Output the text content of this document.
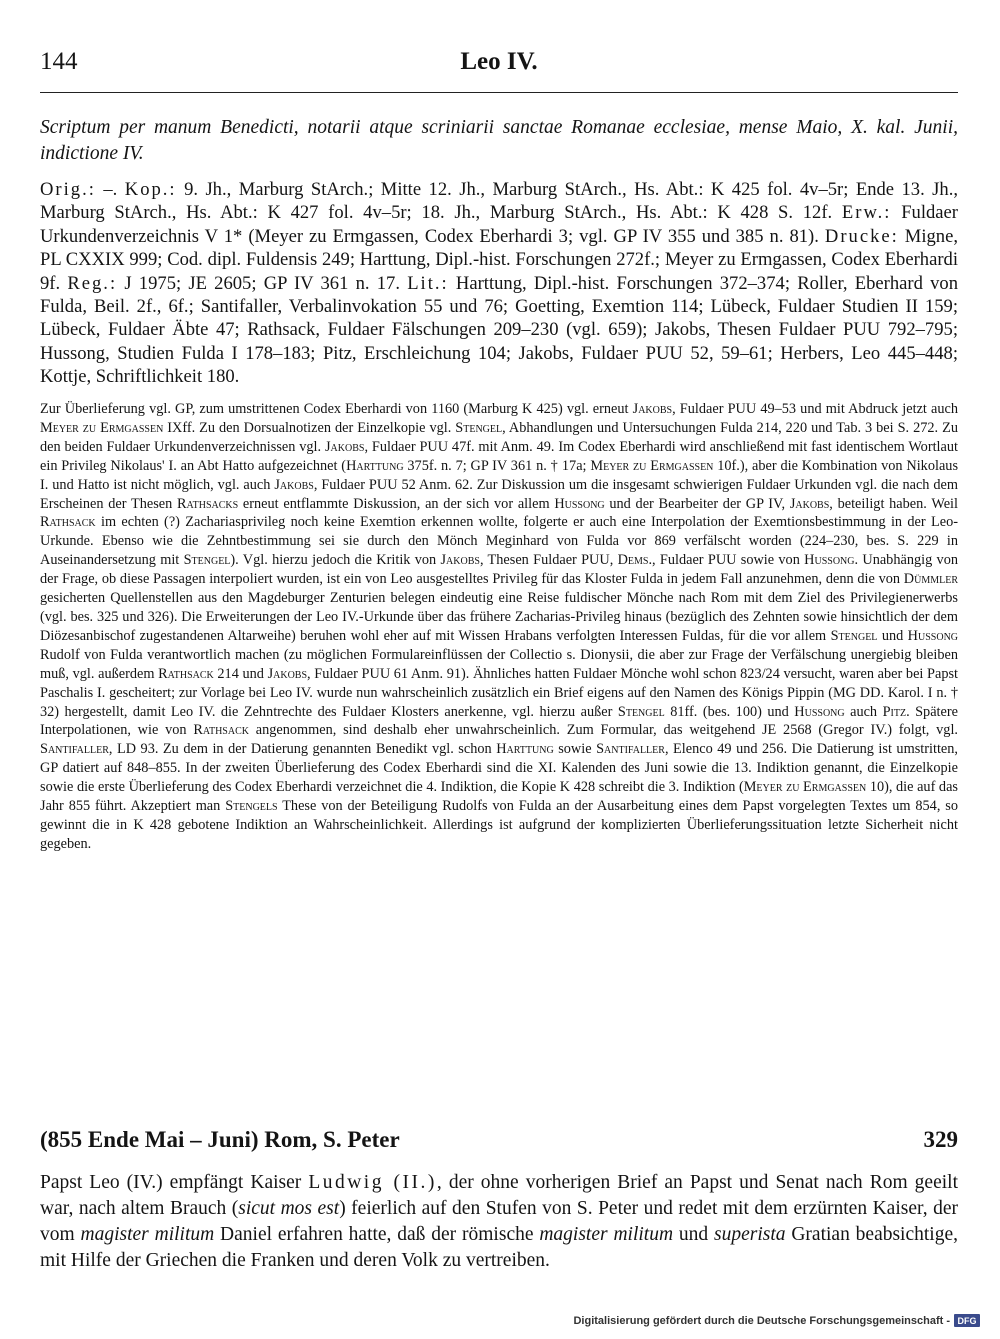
144	Leo IV.
Scriptum per manum Benedicti, notarii atque scriniarii sanctae Romanae ecclesiae, mense Maio, X. kal. Junii, indictione IV.
Orig.: –. Kop.: 9. Jh., Marburg StArch.; Mitte 12. Jh., Marburg StArch., Hs. Abt.: K 425 fol. 4v–5r; Ende 13. Jh., Marburg StArch., Hs. Abt.: K 427 fol. 4v–5r; 18. Jh., Marburg StArch., Hs. Abt.: K 428 S. 12f. Erw.: Fuldaer Urkundenverzeichnis V 1* (Meyer zu Ermgassen, Codex Eberhardi 3; vgl. GP IV 355 und 385 n. 81). Drucke: Migne, PL CXXIX 999; Cod. dipl. Fuldensis 249; Harttung, Dipl.-hist. Forschungen 272f.; Meyer zu Ermgassen, Codex Eberhardi 9f. Reg.: J 1975; JE 2605; GP IV 361 n. 17. Lit.: Harttung, Dipl.-hist. Forschungen 372–374; Roller, Eberhard von Fulda, Beil. 2f., 6f.; Santifaller, Verbalinvokation 55 und 76; Goetting, Exemtion 114; Lübeck, Fuldaer Studien II 159; Lübeck, Fuldaer Äbte 47; Rathsack, Fuldaer Fälschungen 209–230 (vgl. 659); Jakobs, Thesen Fuldaer PUU 792–795; Hussong, Studien Fulda I 178–183; Pitz, Erschleichung 104; Jakobs, Fuldaer PUU 52, 59–61; Herbers, Leo 445–448; Kottje, Schriftlichkeit 180.
Zur Überlieferung vgl. GP, zum umstrittenen Codex Eberhardi von 1160 (Marburg K 425) vgl. erneut Jakobs, Fuldaer PUU 49–53 und mit Abdruck jetzt auch Meyer zu Ermgassen IXff. Zu den Dorsualnotizen der Einzelkopie vgl. Stengel, Abhandlungen und Untersuchungen Fulda 214, 220 und Tab. 3 bei S. 272. Zu den beiden Fuldaer Urkundenverzeichnissen vgl. Jakobs, Fuldaer PUU 47f. mit Anm. 49. Im Codex Eberhardi wird anschließend mit fast identischem Wortlaut ein Privileg Nikolaus' I. an Abt Hatto aufgezeichnet (Harttung 375f. n. 7; GP IV 361 n. † 17a; Meyer zu Ermgassen 10f.), aber die Kombination von Nikolaus I. und Hatto ist nicht möglich, vgl. auch Jakobs, Fuldaer PUU 52 Anm. 62. Zur Diskussion um die insgesamt schwierigen Fuldaer Urkunden vgl. die nach dem Erscheinen der Thesen Rathsacks erneut entflammte Diskussion, an der sich vor allem Hussong und der Bearbeiter der GP IV, Jakobs, beteiligt haben. Weil Rathsack im echten (?) Zachariasprivileg noch keine Exemtion erkennen wollte, folgerte er auch eine Interpolation der Exemtionsbestimmung in der Leo-Urkunde. Ebenso wie die Zehntbestimmung sei sie durch den Mönch Meginhard von Fulda vor 869 verfälscht worden (224–230, bes. S. 229 in Auseinandersetzung mit Stengel). Vgl. hierzu jedoch die Kritik von Jakobs, Thesen Fuldaer PUU, Dems., Fuldaer PUU sowie von Hussong. Unabhängig von der Frage, ob diese Passagen interpoliert wurden, ist ein von Leo ausgestelltes Privileg für das Kloster Fulda in jedem Fall anzunehmen, denn die von Dümmler gesicherten Quellenstellen aus den Magdeburger Zenturien belegen eindeutig eine Reise fuldischer Mönche nach Rom mit dem Ziel des Privilegienerwerbs (vgl. bes. 325 und 326). Die Erweiterungen der Leo IV.-Urkunde über das frühere Zacharias-Privileg hinaus (bezüglich des Zehnten sowie hinsichtlich der dem Diözesanbischof zugestandenen Altarweihe) beruhen wohl eher auf mit Wissen Hrabans verfolgten Interessen Fuldas, für die vor allem Stengel und Hussong Rudolf von Fulda verantwortlich machen (zu möglichen Formulareinflüssen der Collectio s. Dionysii, die aber zur Frage der Verfälschung unergiebig bleiben muß, vgl. außerdem Rathsack 214 und Jakobs, Fuldaer PUU 61 Anm. 91). Ähnliches hatten Fuldaer Mönche wohl schon 823/24 versucht, waren aber bei Papst Paschalis I. gescheitert; zur Vorlage bei Leo IV. wurde nun wahrscheinlich zusätzlich ein Brief eigens auf den Namen des Königs Pippin (MG DD. Karol. I n. † 32) hergestellt, damit Leo IV. die Zehntrechte des Fuldaer Klosters anerkenne, vgl. hierzu außer Stengel 81ff. (bes. 100) und Hussong auch Pitz. Spätere Interpolationen, wie von Rathsack angenommen, sind deshalb eher unwahrscheinlich. Zum Formular, das weitgehend JE 2568 (Gregor IV.) folgt, vgl. Santifaller, LD 93. Zu dem in der Datierung genannten Benedikt vgl. schon Harttung sowie Santifaller, Elenco 49 und 256. Die Datierung ist umstritten, GP datiert auf 848–855. In der zweiten Überlieferung des Codex Eberhardi sind die XI. Kalenden des Juni sowie die 13. Indiktion genannt, die Einzelkopie sowie die erste Überlieferung des Codex Eberhardi verzeichnet die 4. Indiktion, die Kopie K 428 schreibt die 3. Indiktion (Meyer zu Ermgassen 10), die auf das Jahr 855 führt. Akzeptiert man Stengels These von der Beteiligung Rudolfs von Fulda an der Ausarbeitung eines dem Papst vorgelegten Textes um 854, so gewinnt die in K 428 gebotene Indiktion an Wahrscheinlichkeit. Allerdings ist aufgrund der komplizierten Überlieferungssituation letzte Sicherheit nicht gegeben.
(855 Ende Mai – Juni) Rom, S. Peter	329
Papst Leo (IV.) empfängt Kaiser Ludwig (II.), der ohne vorherigen Brief an Papst und Senat nach Rom geeilt war, nach altem Brauch (sicut mos est) feierlich auf den Stufen von S. Peter und redet mit dem erzürnten Kaiser, der vom magister militum Daniel erfahren hatte, daß der römische magister militum und superista Gratian beabsichtige, mit Hilfe der Griechen die Franken und deren Volk zu vertreiben.
Digitalisierung gefördert durch die Deutsche Forschungsgemeinschaft - DFG
